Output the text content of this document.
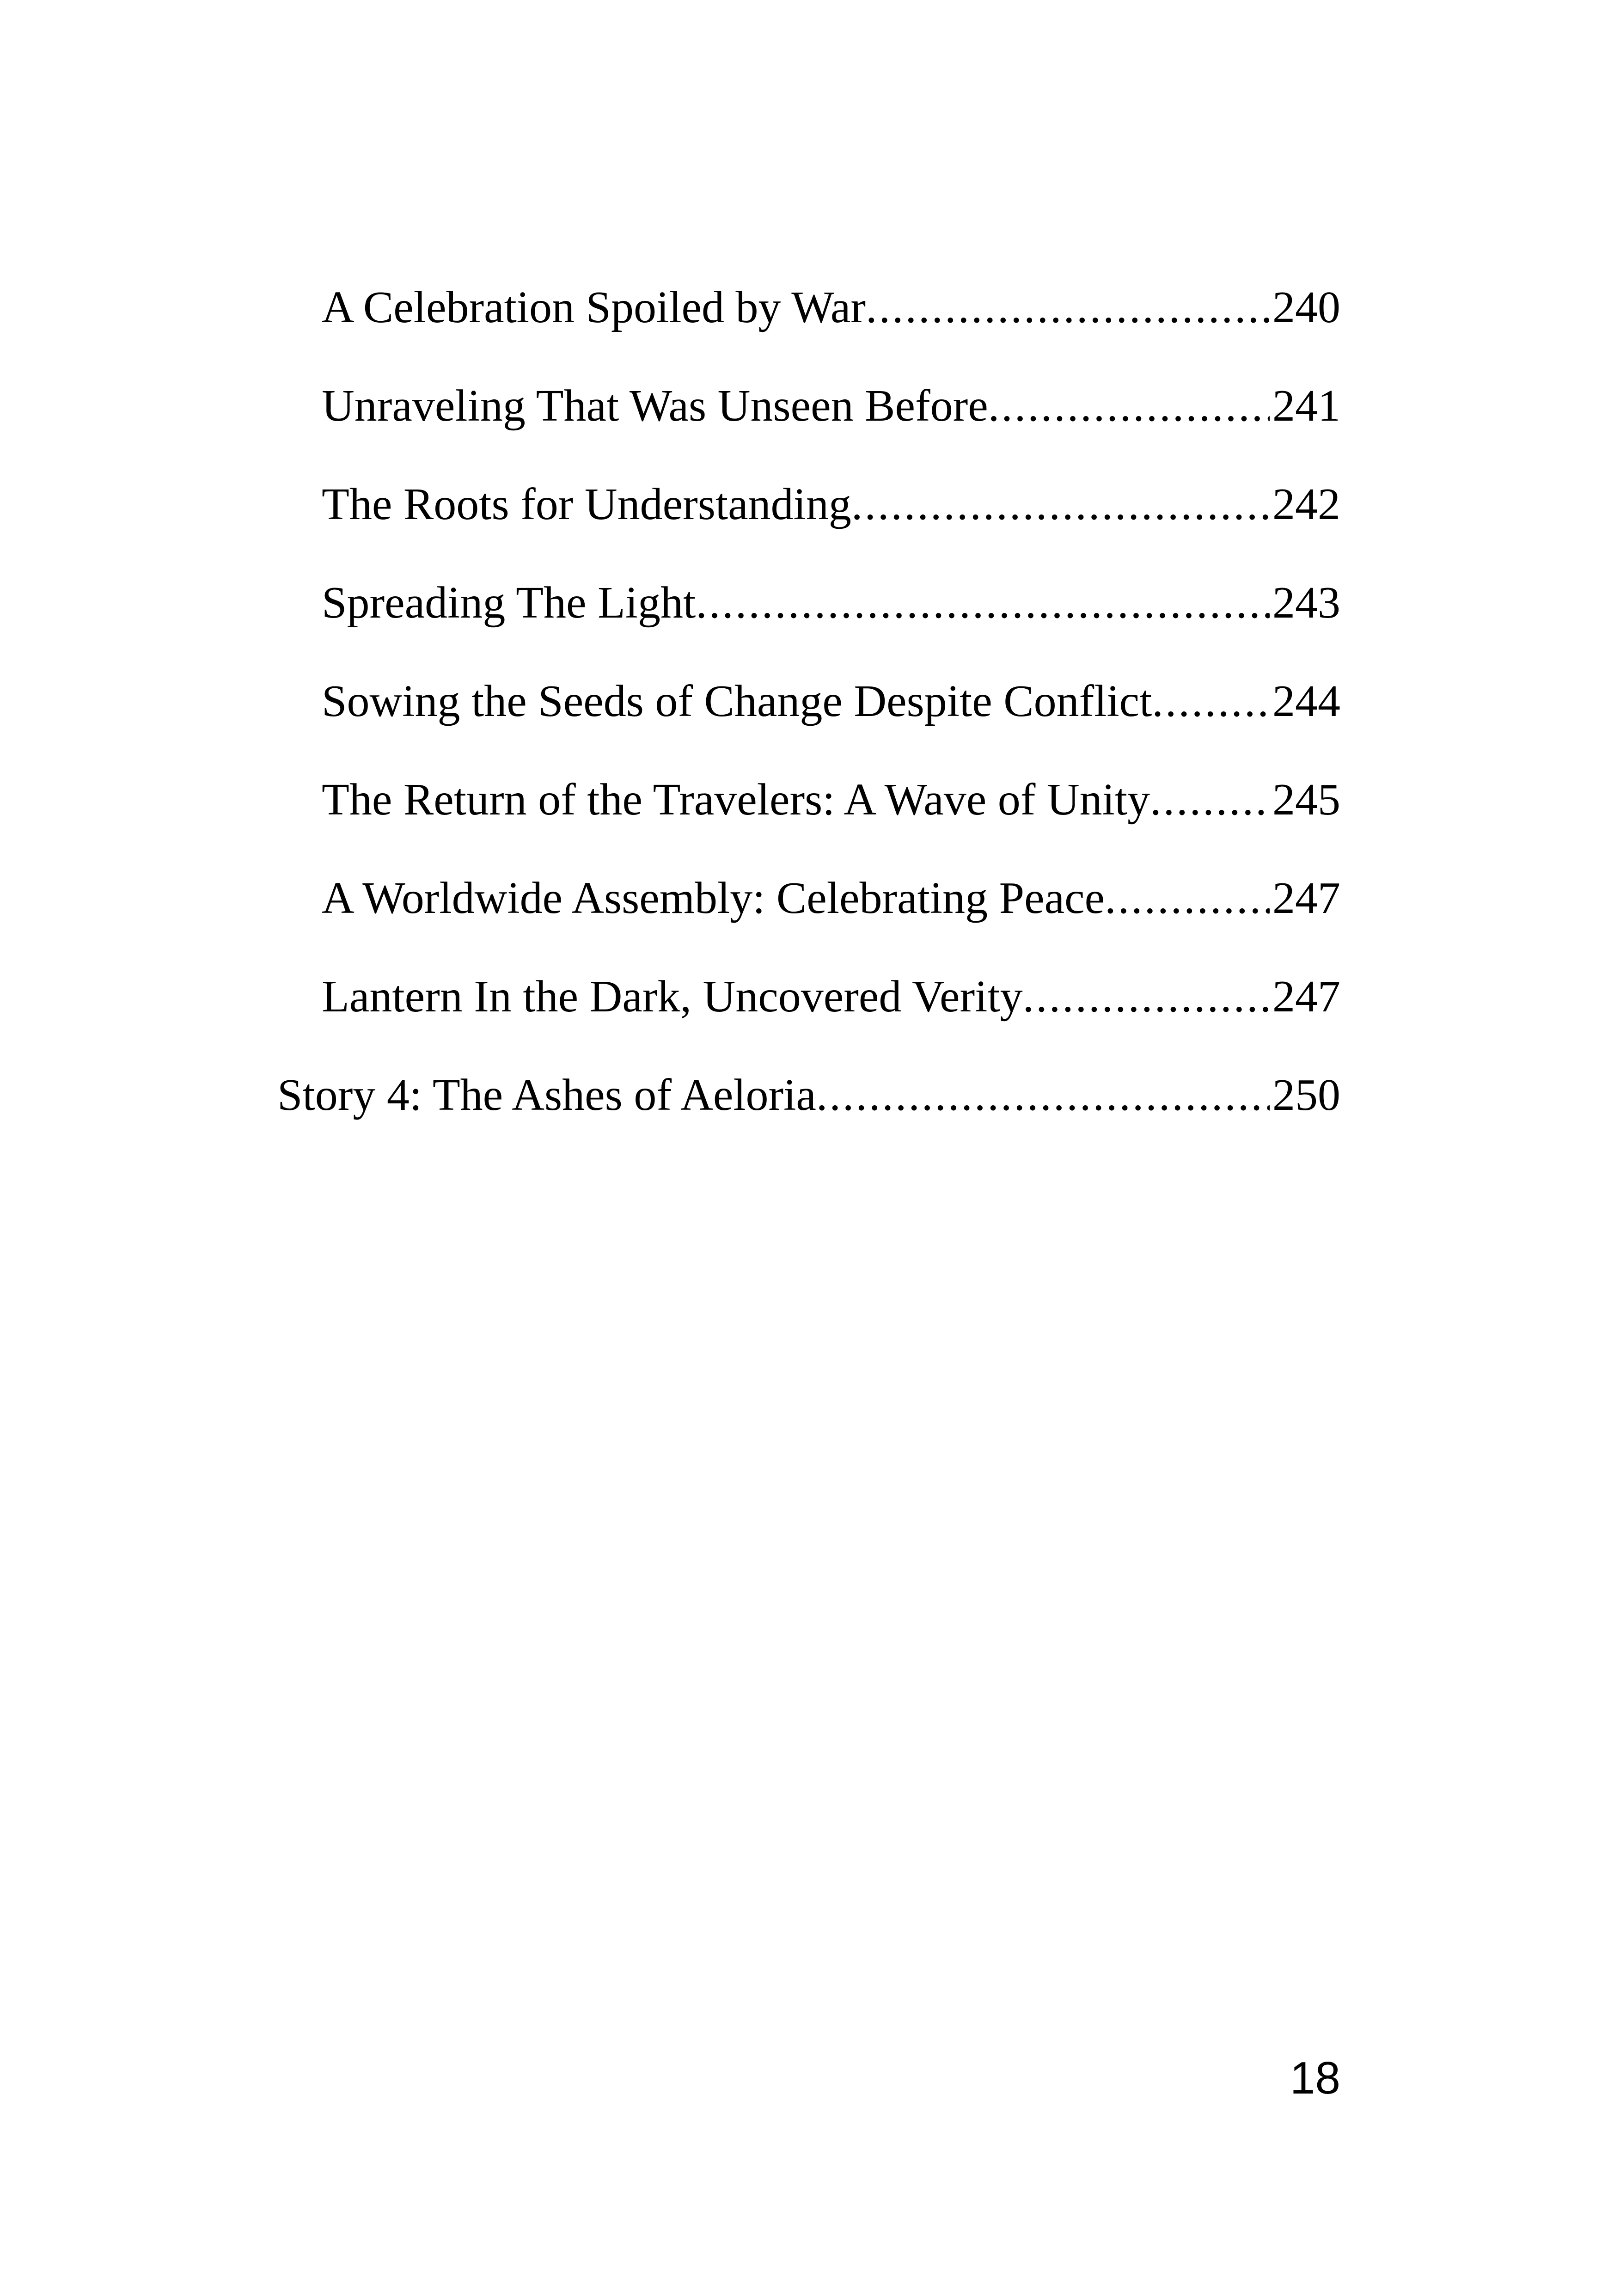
A Celebration Spoiled by War .....	240
Unraveling That Was Unseen Before .....	241
The Roots for Understanding .....	242
Spreading The Light .....	243
Sowing the Seeds of Change Despite Conflict .....	244
The Return of the Travelers: A Wave of Unity .....	245
A Worldwide Assembly: Celebrating Peace .....	247
Lantern In the Dark, Uncovered Verity .....	247
Story 4: The Ashes of Aeloria .....	250
18
